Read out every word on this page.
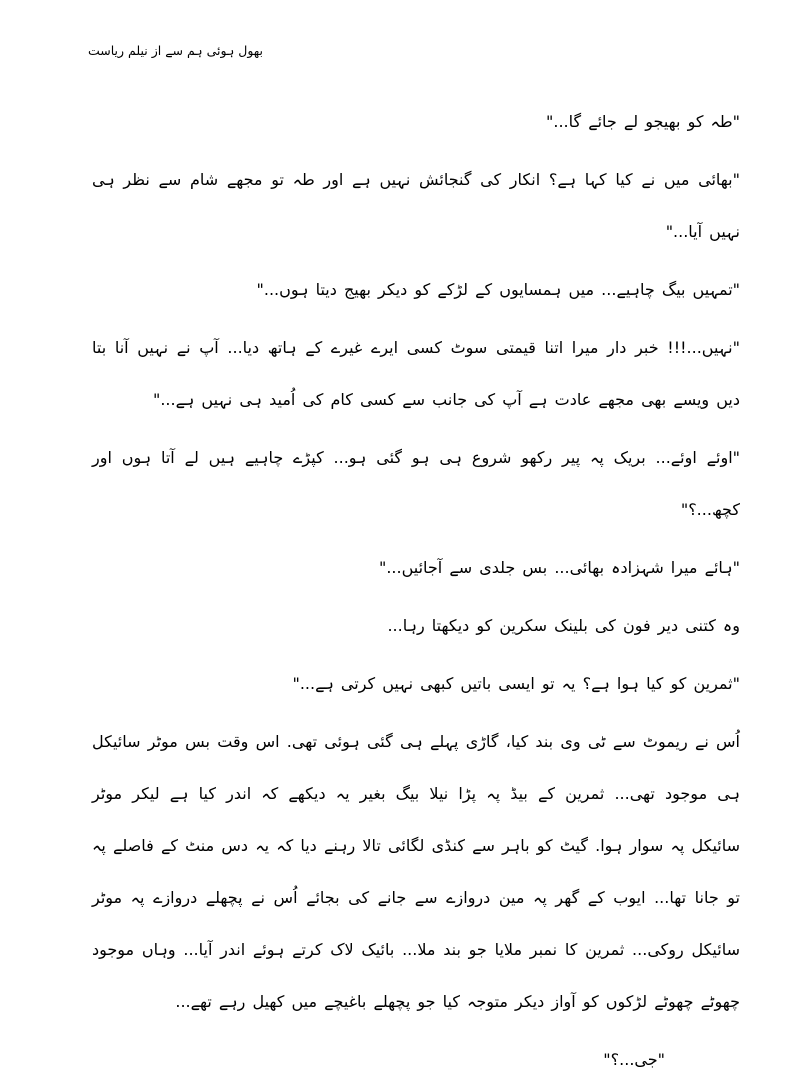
بھول ہوئی ہم سے از نیلم ریاست

"طہ کو بھیجو لے جائے گا..."

"بھائی میں نے کیا کہا ہے؟ انکار کی گنجائش نہیں ہے اور طہ تو مجھے شام سے نظر ہی نہیں آیا..."

"تمہیں بیگ چاہیے... میں ہمسایوں کے لڑکے کو دیکر بھیج دیتا ہوں..."

"نہیں...!!! خبر دار میرا اتنا قیمتی سوٹ کسی ایرے غیرے کے ہاتھ دیا... آپ نے نہیں آنا بتا دیں ویسے بھی مجھے عادت ہے آپ کی جانب سے کسی کام کی اُمید ہی نہیں ہے..."

"اوئے اوئے... بریک پہ پیر رکھو شروع ہی ہو گئی ہو... کپڑے چاہیے ہیں لے آتا ہوں اور کچھ...؟"

"ہائے میرا شہزادہ بھائی... بس جلدی سے آجائیں..."

وہ کتنی دیر فون کی بلینک سکرین کو دیکھتا رہا...

"ثمرین کو کیا ہوا ہے؟ یہ تو ایسی باتیں کبھی نہیں کرتی ہے..."

اُس نے ریموٹ سے ٹی وی بند کیا، گاڑی پہلے ہی گئی ہوئی تھی. اس وقت بس موٹر سائیکل ہی موجود تھی... ثمرین کے بیڈ پہ پڑا نیلا بیگ بغیر یہ دیکھے کہ اندر کیا ہے لیکر موٹر سائیکل پہ سوار ہوا. گیٹ کو باہر سے کنڈی لگائی تالا رہنے دیا کہ یہ دس منٹ کے فاصلے پہ تو جانا تھا... ایوب کے گھر پہ مین دروازے سے جانے کی بجائے اُس نے پچھلے دروازے پہ موٹر سائیکل روکی... ثمرین کا نمبر ملایا جو بند ملا... بائیک لاک کرتے ہوئے اندر آیا... وہاں موجود چھوٹے چھوٹے لڑکوں کو آواز دیکر متوجہ کیا جو پچھلے باغیچے میں کھیل رہے تھے...

"جی...؟"
